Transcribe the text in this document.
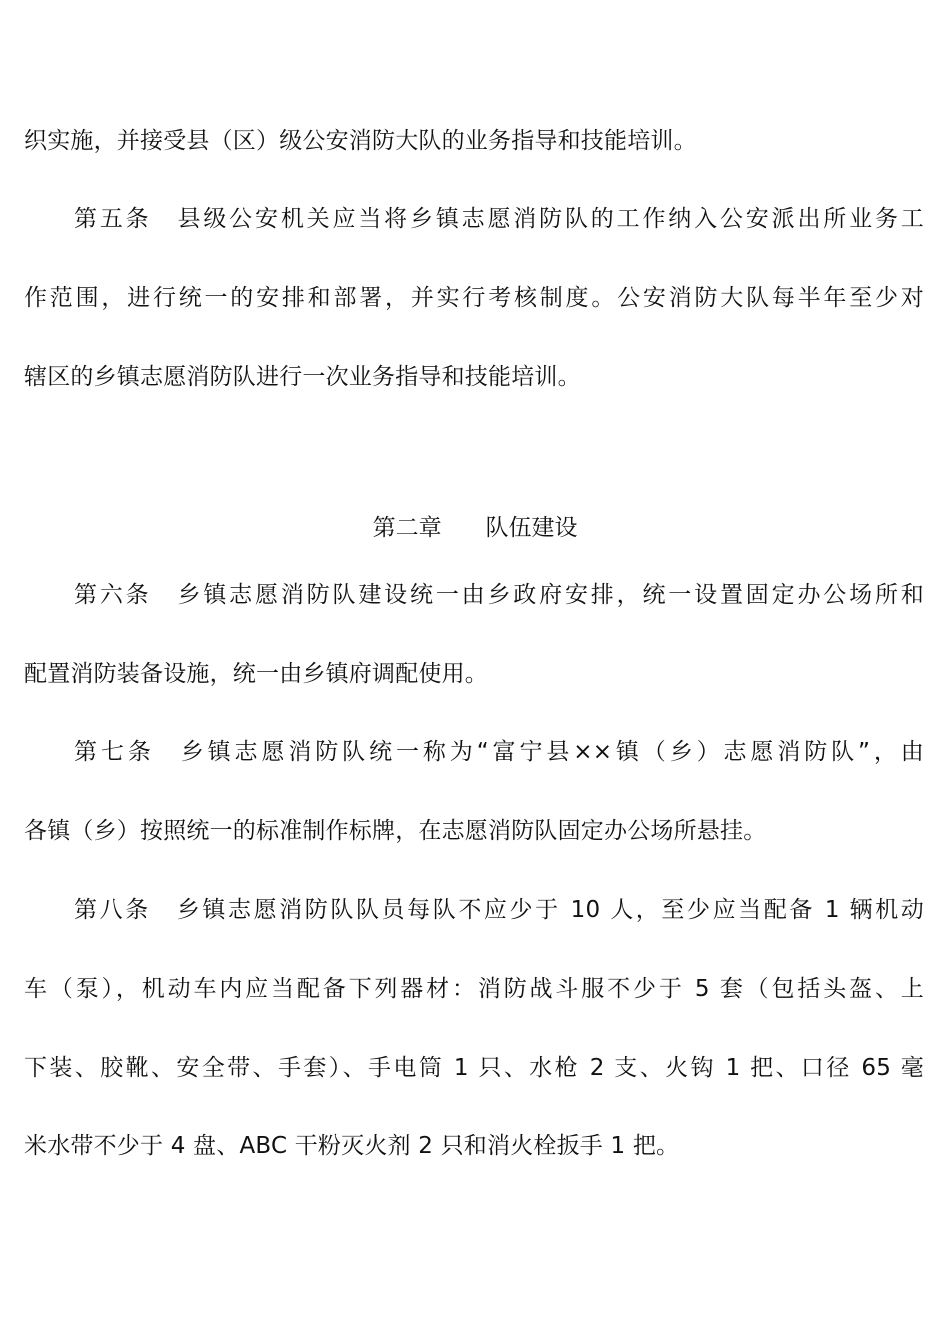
织实施，并接受县（区）级公安消防大队的业务指导和技能培训。
第五条 县级公安机关应当将乡镇志愿消防队的工作纳入公安派出所业务工
作范围，进行统一的安排和部署，并实行考核制度。公安消防大队每半年至少对
辖区的乡镇志愿消防队进行一次业务指导和技能培训。
第二章 队伍建设
第六条 乡镇志愿消防队建设统一由乡政府安排，统一设置固定办公场所和
配置消防装备设施，统一由乡镇府调配使用。
第七条 乡镇志愿消防队统一称为“富宁县××镇（乡）志愿消防队”，由
各镇（乡）按照统一的标准制作标牌，在志愿消防队固定办公场所悬挂。
第八条 乡镇志愿消防队队员每队不应少于 10 人，至少应当配备 1 辆机动
车（泵），机动车内应当配备下列器材：消防战斗服不少于 5 套（包括头盔、上
下装、胶靴、安全带、手套）、手电筒 1 只、水枪 2 支、火钩 1 把、口径 65 毫
米水带不少于 4 盘、ABC 干粉灭火剂 2 只和消火栓扳手 1 把。
